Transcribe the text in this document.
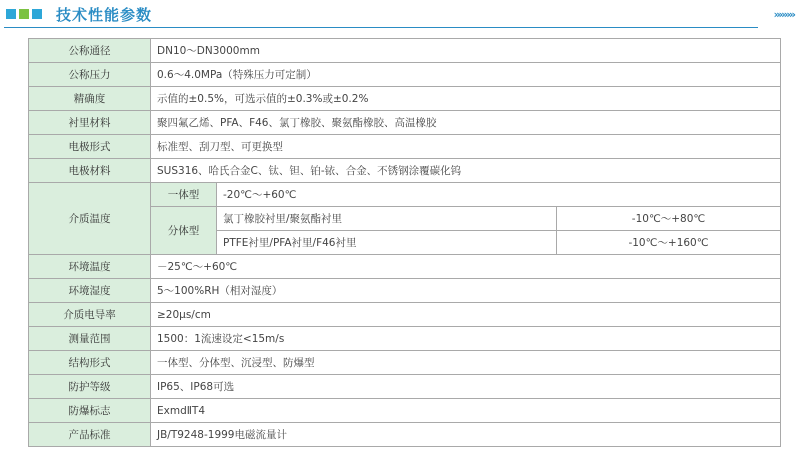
技术性能参数	»»»»
公称通径	DN10～DN3000mm		
公称压力	0.6～4.0MPa（特殊压力可定制）		
精确度	示值的±0.5%，可选示值的±0.3%或±0.2%		
衬里材料	聚四氟乙烯、PFA、F46、氯丁橡胶、聚氨酯橡胶、高温橡胶		
电极形式	标准型、刮刀型、可更换型		
电极材料	SUS316、哈氏合金C、钛、钽、铂-铱、合金、不锈钢涂覆碳化钨		
介质温度	一体型	-20℃～+60℃	
	分体型	氯丁橡胶衬里/聚氨酯衬里	-10℃～+80℃
		PTFE衬里/PFA衬里/F46衬里	-10℃～+160℃
环境温度	－25℃～+60℃		
环境湿度	5～100%RH（相对湿度）		
介质电导率	≥20μs/cm		
测量范围	1500：1流速设定<15m/s		
结构形式	一体型、分体型、沉浸型、防爆型		
防护等级	IP65、IP68可选		
防爆标志	ExmdⅡT4		
产品标准	JB/T9248-1999电磁流量计		
